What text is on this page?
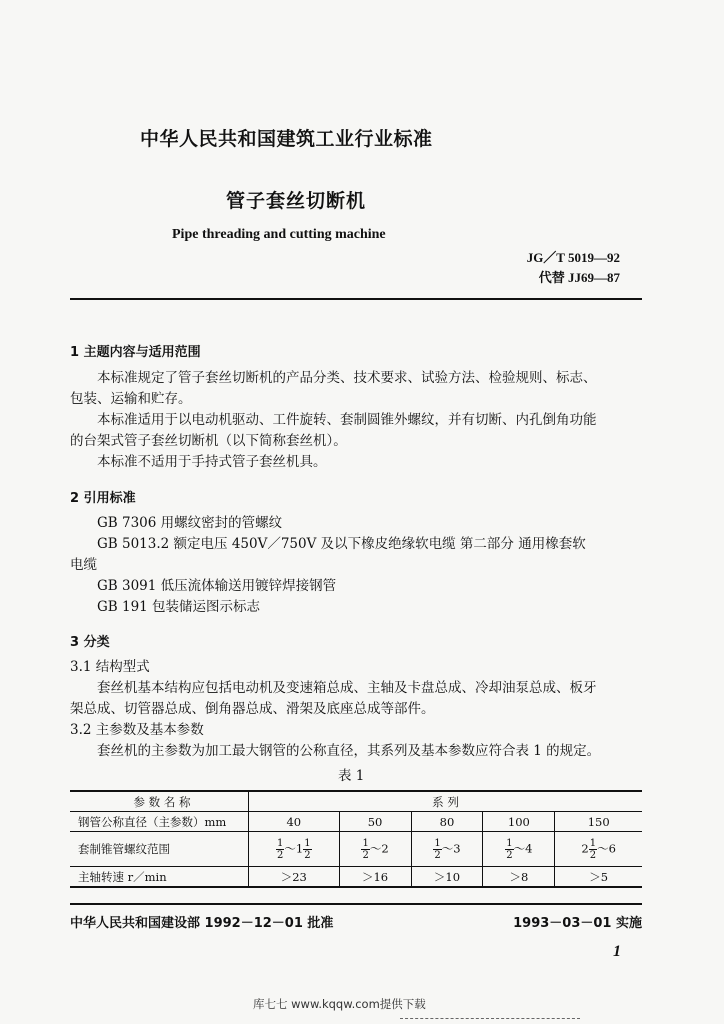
中华人民共和国建筑工业行业标准
管子套丝切断机
Pipe threading and cutting machine
JG／T 5019—92
代替 JJ69—87
1 主题内容与适用范围
本标准规定了管子套丝切断机的产品分类、技术要求、试验方法、检验规则、标志、
包装、运输和贮存。
本标准适用于以电动机驱动、工件旋转、套制圆锥外螺纹，并有切断、内孔倒角功能
的台架式管子套丝切断机（以下简称套丝机）。
本标准不适用于手持式管子套丝机具。
2 引用标准
GB 7306 用螺纹密封的管螺纹
GB 5013.2 额定电压 450V／750V 及以下橡皮绝缘软电缆 第二部分 通用橡套软
电缆
GB 3091 低压流体输送用镀锌焊接钢管
GB 191 包装储运图示标志
3 分类
3.1 结构型式
套丝机基本结构应包括电动机及变速箱总成、主轴及卡盘总成、冷却油泵总成、板牙
架总成、切管器总成、倒角器总成、滑架及底座总成等部件。
3.2 主参数及基本参数
套丝机的主参数为加工最大钢管的公称直径，其系列及基本参数应符合表 1 的规定。
表 1
参 数 名 称	系 列				
钢管公称直径（主参数）mm	40	50	80	100	150
套制锥管螺纹范围	$\frac{1}{2}$ ～1 $\frac{1}{2}$	$\frac{1}{2}$ ～2	$\frac{1}{2}$ ～3	$\frac{1}{2}$ ～4	$2 \frac{1}{2}$ ～6
主轴转速 r／min	＞23	＞16	＞10	＞8	＞5
中华人民共和国建设部 1992－12－01 批准	1993－03－01 实施
1
库七七 www.kqqw.com提供下载
